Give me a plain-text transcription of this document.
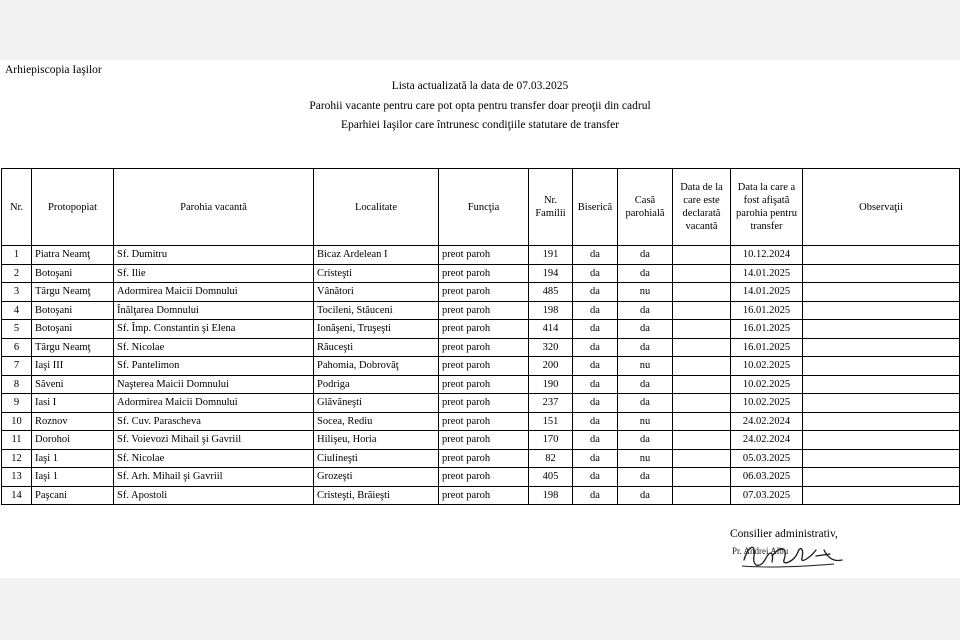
Arhiepiscopia Iaşilor
Lista actualizată la data de 07.03.2025
Parohii vacante pentru care pot opta pentru transfer doar preoţii din cadrul
Eparhiei Iaşilor care întrunesc condiţiile statutare de transfer
Nr.	Protopopiat	Parohia vacantă	Localitate	Funcţia	Nr. Familii	Biserică	Casă parohială	Data de la care este declarată vacantă	Data la care a fost afişată parohia pentru transfer	Observaţii
1	Piatra Neamţ	Sf. Dumitru	Bicaz Ardelean I	preot paroh	191	da	da		10.12.2024	
2	Botoşani	Sf. Ilie	Cristeşti	preot paroh	194	da	da		14.01.2025	
3	Târgu Neamţ	Adormirea Maicii Domnului	Vânători	preot paroh	485	da	nu		14.01.2025	
4	Botoşani	Înălţarea Domnului	Tocileni, Stăuceni	preot paroh	198	da	da		16.01.2025	
5	Botoşani	Sf. Împ. Constantin şi Elena	Ionăşeni, Truşeşti	preot paroh	414	da	da		16.01.2025	
6	Târgu Neamţ	Sf. Nicolae	Răuceşti	preot paroh	320	da	da		16.01.2025	
7	Iaşi III	Sf. Pantelimon	Pahomia, Dobrovăţ	preot paroh	200	da	nu		10.02.2025	
8	Săveni	Naşterea Maicii Domnului	Podriga	preot paroh	190	da	da		10.02.2025	
9	Iasi I	Adormirea Maicii Domnului	Glăvăneşti	preot paroh	237	da	da		10.02.2025	
10	Roznov	Sf. Cuv. Parascheva	Socea, Rediu	preot paroh	151	da	nu		24.02.2024	
11	Dorohoi	Sf. Voievozi Mihail şi Gavriil	Hilişeu, Horia	preot paroh	170	da	da		24.02.2024	
12	Iaşi 1	Sf. Nicolae	Ciulineşti	preot paroh	82	da	nu		05.03.2025	
13	Iaşi 1	Sf. Arh. Mihail şi Gavriil	Grozeşti	preot paroh	405	da	da		06.03.2025	
14	Paşcani	Sf. Apostoli	Cristeşti, Brăieşti	preot paroh	198	da	da		07.03.2025	
Consilier administrativ,
Pr. Andrei Albu
